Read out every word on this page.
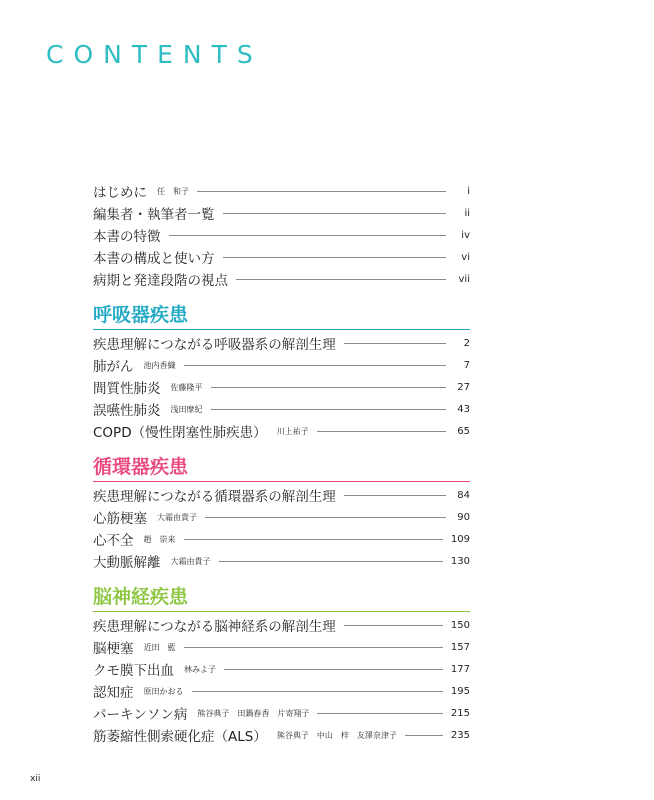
CONTENTS
はじめに 任　和子	i
編集者・執筆者一覧	ii
本書の特徴	iv
本書の構成と使い方	vi
病期と発達段階の視点	vii
呼吸器疾患
疾患理解につながる呼吸器系の解剖生理	2
肺がん 池内香織	7
間質性肺炎 佐藤隆平	27
誤嚥性肺炎 浅田摩紀	43
COPD（慢性閉塞性肺疾患） 川上祐子	65
循環器疾患
疾患理解につながる循環器系の解剖生理	84
心筋梗塞 大霜由貴子	90
心不全 趙　崇来	109
大動脈解離 大霜由貴子	130
脳神経疾患
疾患理解につながる脳神経系の解剖生理	150
脳梗塞 近田　藍	157
クモ膜下出血 林みよ子	177
認知症 原田かおる	195
パーキンソン病 熊谷典子　田鍋春香　片寄翔子	215
筋萎縮性側索硬化症（ALS） 熊谷典子　中山　梓　友澤奈津子	235
xii
